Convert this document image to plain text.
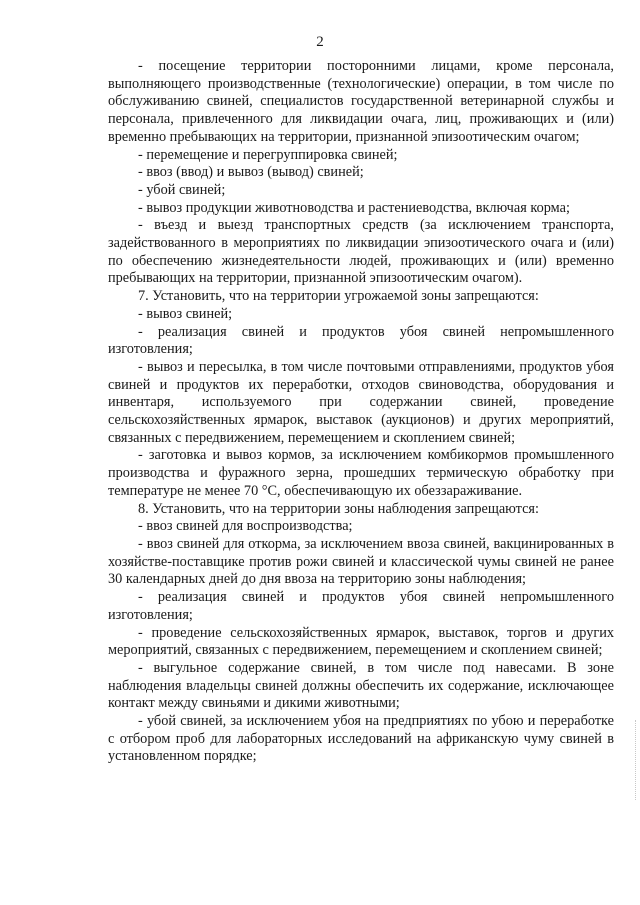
2

- посещение территории посторонними лицами, кроме персонала, выполняющего производственные (технологические) операции, в том числе по обслуживанию свиней, специалистов государственной ветеринарной службы и персонала, привлеченного для ликвидации очага, лиц, проживающих и (или) временно пребывающих на территории, признанной эпизоотическим очагом;

- перемещение и перегруппировка свиней;

- ввоз (ввод) и вывоз (вывод) свиней;

- убой свиней;

- вывоз продукции животноводства и растениеводства, включая корма;

- въезд и выезд транспортных средств (за исключением транспорта, задействованного в мероприятиях по ликвидации эпизоотического очага и (или) по обеспечению жизнедеятельности людей, проживающих и (или) временно пребывающих на территории, признанной эпизоотическим очагом).

7. Установить, что на территории угрожаемой зоны запрещаются:

- вывоз свиней;

- реализация свиней и продуктов убоя свиней непромышленного изготовления;

- вывоз и пересылка, в том числе почтовыми отправлениями, продуктов убоя свиней и продуктов их переработки, отходов свиноводства, оборудования и инвентаря, используемого при содержании свиней, проведение сельскохозяйственных ярмарок, выставок (аукционов) и других мероприятий, связанных с передвижением, перемещением и скоплением свиней;

- заготовка и вывоз кормов, за исключением комбикормов промышленного производства и фуражного зерна, прошедших термическую обработку при температуре не менее 70 °С, обеспечивающую их обеззараживание.

8. Установить, что на территории зоны наблюдения запрещаются:

- ввоз свиней для воспроизводства;

- ввоз свиней для откорма, за исключением ввоза свиней, вакцинированных в хозяйстве-поставщике против рожи свиней и классической чумы свиней не ранее 30 календарных дней до дня ввоза на территорию зоны наблюдения;

- реализация свиней и продуктов убоя свиней непромышленного изготовления;

- проведение сельскохозяйственных ярмарок, выставок, торгов и других мероприятий, связанных с передвижением, перемещением и скоплением свиней;

- выгульное содержание свиней, в том числе под навесами. В зоне наблюдения владельцы свиней должны обеспечить их содержание, исключающее контакт между свиньями и дикими животными;

- убой свиней, за исключением убоя на предприятиях по убою и переработке с отбором проб для лабораторных исследований на африканскую чуму свиней в установленном порядке;
